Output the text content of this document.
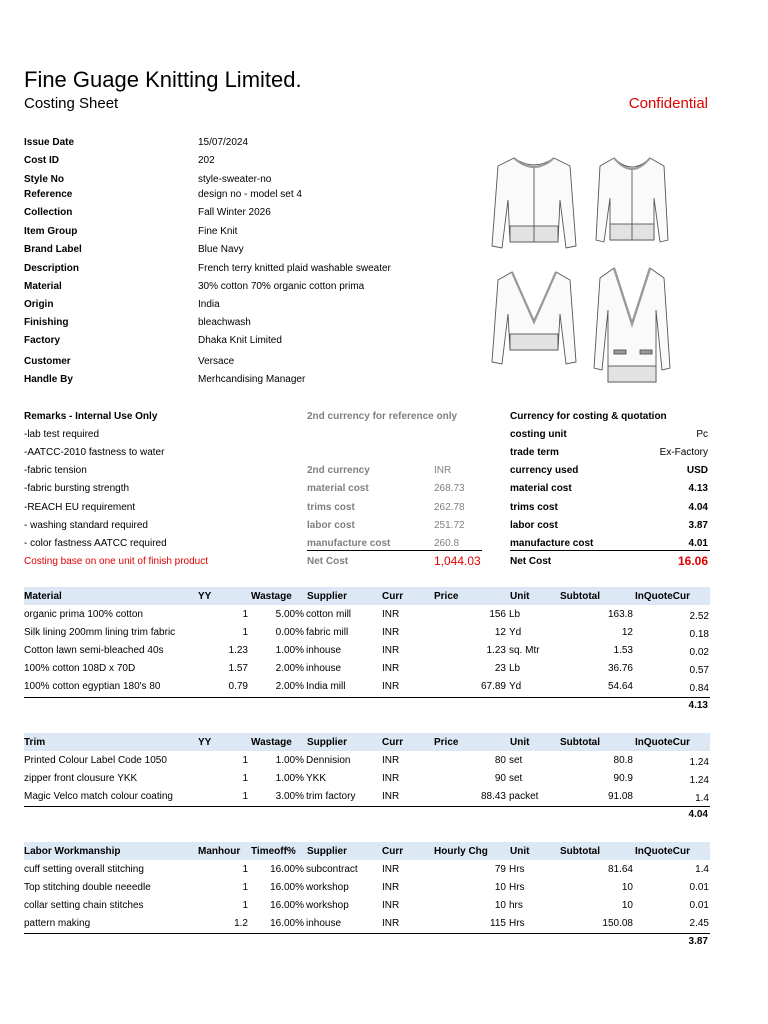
Fine Guage Knitting Limited.
Costing Sheet	Confidential
Issue Date	15/07/2024
Cost ID	202
Style No	style-sweater-no
Reference	design no - model set 4
Collection	Fall Winter 2026
Item Group	Fine Knit
Brand Label	Blue Navy
Description	French terry knitted plaid washable sweater
Material	30% cotton 70% organic cotton prima
Origin	India
Finishing	bleachwash
Factory	Dhaka Knit Limited
Customer	Versace
Handle By	Merhcandising Manager
Remarks - Internal Use Only
-lab test required
-AATCC-2010 fastness to water
-fabric tension
-fabric bursting strength
-REACH EU requirement
- washing standard required
- color fastness AATCC required
Costing base on one unit of finish product
2nd currency for reference only
2nd currency	INR
material cost	268.73
trims cost	262.78
labor cost	251.72
manufacture cost	260.8
Net Cost	1,044.03
Currency for costing & quotation
costing unit	Pc
trade term	Ex-Factory
currency used	USD
material cost	4.13
trims cost	4.04
labor cost	3.87
manufacture cost	4.01
Net Cost	16.06
Material	YY	Wastage Supplier	Curr	Price	Unit	Subtotal	InQuoteCur
organic prima 100% cotton	1	5.00% cotton mill	INR	156 Lb	163.8	2.52
Silk lining 200mm lining trim fabric	1	0.00% fabric mill	INR	12 Yd	12	0.18
Cotton lawn semi-bleached 40s	1.23	1.00% inhouse	INR	1.23 sq. Mtr	1.53	0.02
100% cotton 108D x 70D	1.57	2.00% inhouse	INR	23 Lb	36.76	0.57
100% cotton egyptian 180's 80	0.79	2.00% India mill	INR	67.89 Yd	54.64	0.84
4.13
Trim	YY	Wastage Supplier	Curr	Price	Unit	Subtotal	InQuoteCur
Printed Colour Label Code 1050	1	1.00% Dennision	INR	80 set	80.8	1.24
zipper front clousure YKK	1	1.00% YKK	INR	90 set	90.9	1.24
Magic Velco match colour coating	1	3.00% trim factory	INR	88.43 packet	91.08	1.4
4.04
Labor Workmanship	Manhour Timeoff% Supplier	Curr	Hourly Chg Unit	Subtotal	InQuoteCur
cuff setting overall stitching	1	16.00% subcontract INR	79 Hrs	81.64	1.4
Top stitching double neeedle	1	16.00% workshop	INR	10 Hrs	10	0.01
collar setting chain stitches	1	16.00% workshop	INR	10 hrs	10	0.01
pattern making	1.2	16.00% inhouse	INR	115 Hrs	150.08	2.45
3.87
